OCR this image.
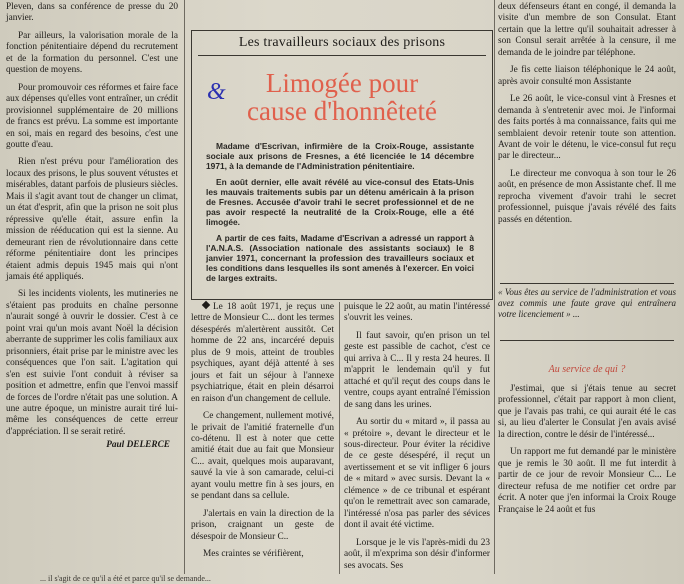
Pleven, dans sa conférence de presse du 20 janvier.

Par ailleurs, la valorisation morale de la fonction pénitentiaire dépend du recrutement et de la formation du personnel. C'est une question de moyens.

Pour promouvoir ces réformes et faire face aux dépenses qu'elles vont entraîner, un crédit provisionnel supplémentaire de 20 millions de francs est prévu. La somme est importante en soi, mais en regard des besoins, c'est une goutte d'eau.

Rien n'est prévu pour l'amélioration des locaux des prisons, le plus souvent vétustes et misérables, datant parfois de plusieurs siècles. Mais il s'agit avant tout de changer un climat, un état d'esprit, afin que la prison ne soit plus répressive qu'elle était, assure enfin la mission de rééducation qui est la sienne. Au demeurant rien de révolutionnaire dans cette réforme pénitentiaire dont les principes étaient admis depuis 1945 mais qui n'ont jamais été appliqués.

Si les incidents violents, les mutineries ne s'étaient pas produits en chaîne personne n'aurait songé à ouvrir le dossier. C'est à ce point vrai qu'un mois avant Noël la décision aberrante de supprimer les colis familiaux aux prisonniers, était prise par le ministre avec les conséquences que l'on sait. L'agitation qui s'en est suivie l'ont conduit à réviser sa position et admettre, enfin que l'envoi massif de forces de l'ordre n'était pas une solution. A une autre époque, un ministre aurait tiré lui-même les conséquences de cette erreur d'appréciation. Il se serait retiré.

Paul DELERCE
Les travailleurs sociaux des prisons
&	Limogée pour
cause d'honnêteté

Madame d'Escrivan, infirmière de la Croix-Rouge, assistante sociale aux prisons de Fresnes, a été licenciée le 14 décembre 1971, à la demande de l'Administration pénitentiaire.

En août dernier, elle avait révélé au vice-consul des Etats-Unis les mauvais traitements subis par un détenu américain à la prison de Fresnes. Accusée d'avoir trahi le secret professionnel et de ne pas avoir respecté la neutralité de la Croix-Rouge, elle a été limogée.

A partir de ces faits, Madame d'Escrivan a adressé un rapport à l'A.N.A.S. (Association nationale des assistants sociaux) le 8 janvier 1971, concernant la profession des travailleurs sociaux et les conditions dans lesquelles ils sont amenés à l'exercer. En voici de larges extraits.

Le 18 août 1971, je reçus une lettre de Monsieur C... dont les termes désespérés m'alertèrent aussitôt. Cet homme de 22 ans, incarcéré depuis plus de 9 mois, atteint de troubles psychiques, ayant déjà attenté à ses jours et fait un séjour à l'annexe psychiatrique, était en plein désarroi en raison d'un changement de cellule.

Ce changement, nullement motivé, le privait de l'amitié fraternelle d'un co-détenu. Il est à noter que cette amitié était due au fait que Monsieur C... avait, quelques mois auparavant, sauvé la vie à son camarade, celui-ci ayant voulu mettre fin à ses jours, en se pendant dans sa cellule.

J'alertais en vain la direction de la prison, craignant un geste de désespoir de Monsieur C..

Mes craintes se vérifièrent,

puisque le 22 août, au matin l'intéressé s'ouvrit les veines.

Il faut savoir, qu'en prison un tel geste est passible de cachot, c'est ce qui arriva à C... Il y resta 24 heures. Il m'apprit le lendemain qu'il y fut attaché et qu'il reçut des coups dans le ventre, coups ayant entraîné l'émission de sang dans les urines.

Au sortir du « mitard », il passa au « prétoire », devant le directeur et le sous-directeur. Pour éviter la récidive de ce geste désespéré, il reçut un avertissement et se vit infliger 6 jours de « mitard » avec sursis. Devant la « clémence » de ce tribunal et espérant qu'on le remettrait avec son camarade, l'intéressé n'osa pas parler des sévices dont il avait été victime.

Lorsque je le vis l'après-midi du 23 août, il m'exprima son désir d'informer ses avocats. Ses

deux défenseurs étant en congé, il demanda la visite d'un membre de son Consulat. Etant certain que la lettre qu'il souhaitait adresser à son Consul serait arrêtée à la censure, il me demanda de le joindre par téléphone.

Je fis cette liaison téléphonique le 24 août, après avoir consulté mon Assistante

Le 26 août, le vice-consul vint à Fresnes et demanda à s'entretenir avec moi. Je l'informai des faits portés à ma connaissance, faits qui me semblaient devoir retenir toute son attention. Avant de voir le détenu, le vice-consul fut reçu par le directeur...

Le directeur me convoqua à son tour le 26 août, en présence de mon Assistante chef. Il me reprocha vivement d'avoir trahi le secret professionnel, puisque j'avais révélé des faits passés en détention.

« Vous êtes au service de l'administration et vous avez commis une faute grave qui entraînera votre licenciement » ...
Au service de qui ?

J'estimai, que si j'étais tenue au secret professionnel, c'était par rapport à mon client, que je l'avais pas trahi, ce qui aurait été le cas si, au lieu d'alerter le Consulat j'en avais avisé la direction, contre le désir de l'intéressé...

Un rapport me fut demandé par le ministère que je remis le 30 août. Il me fut interdit à partir de ce jour de revoir Monsieur C... Le directeur refusa de me notifier cet ordre par écrit. A noter que j'en informai la Croix Rouge Française le 24 août et fus

... il s'agit de ce qu'il a été et parce qu'il se demande...
